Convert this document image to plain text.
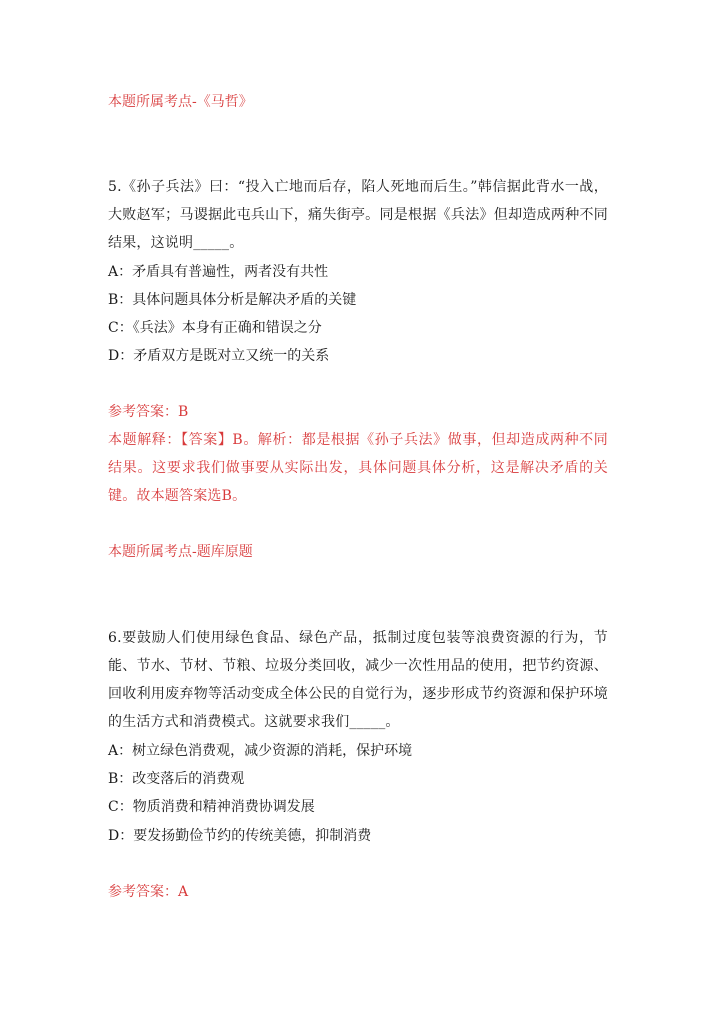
本题所属考点-《马哲》
5.《孙子兵法》曰：“投入亡地而后存，陷人死地而后生。”韩信据此背水一战，大败赵军；马谡据此屯兵山下，痛失街亭。同是根据《兵法》但却造成两种不同结果，这说明_____。
A：矛盾具有普遍性，两者没有共性
B：具体问题具体分析是解决矛盾的关键
C：《兵法》本身有正确和错误之分
D：矛盾双方是既对立又统一的关系
参考答案：B
本题解释：【答案】B。解析：都是根据《孙子兵法》做事，但却造成两种不同结果。这要求我们做事要从实际出发，具体问题具体分析，这是解决矛盾的关键。故本题答案选B。
本题所属考点-题库原题
6.要鼓励人们使用绿色食品、绿色产品，抵制过度包装等浪费资源的行为，节能、节水、节材、节粮、垃圾分类回收，减少一次性用品的使用，把节约资源、回收利用废弃物等活动变成全体公民的自觉行为，逐步形成节约资源和保护环境的生活方式和消费模式。这就要求我们_____。
A：树立绿色消费观，减少资源的消耗，保护环境
B：改变落后的消费观
C：物质消费和精神消费协调发展
D：要发扬勤俭节约的传统美德，抑制消费
参考答案：A
